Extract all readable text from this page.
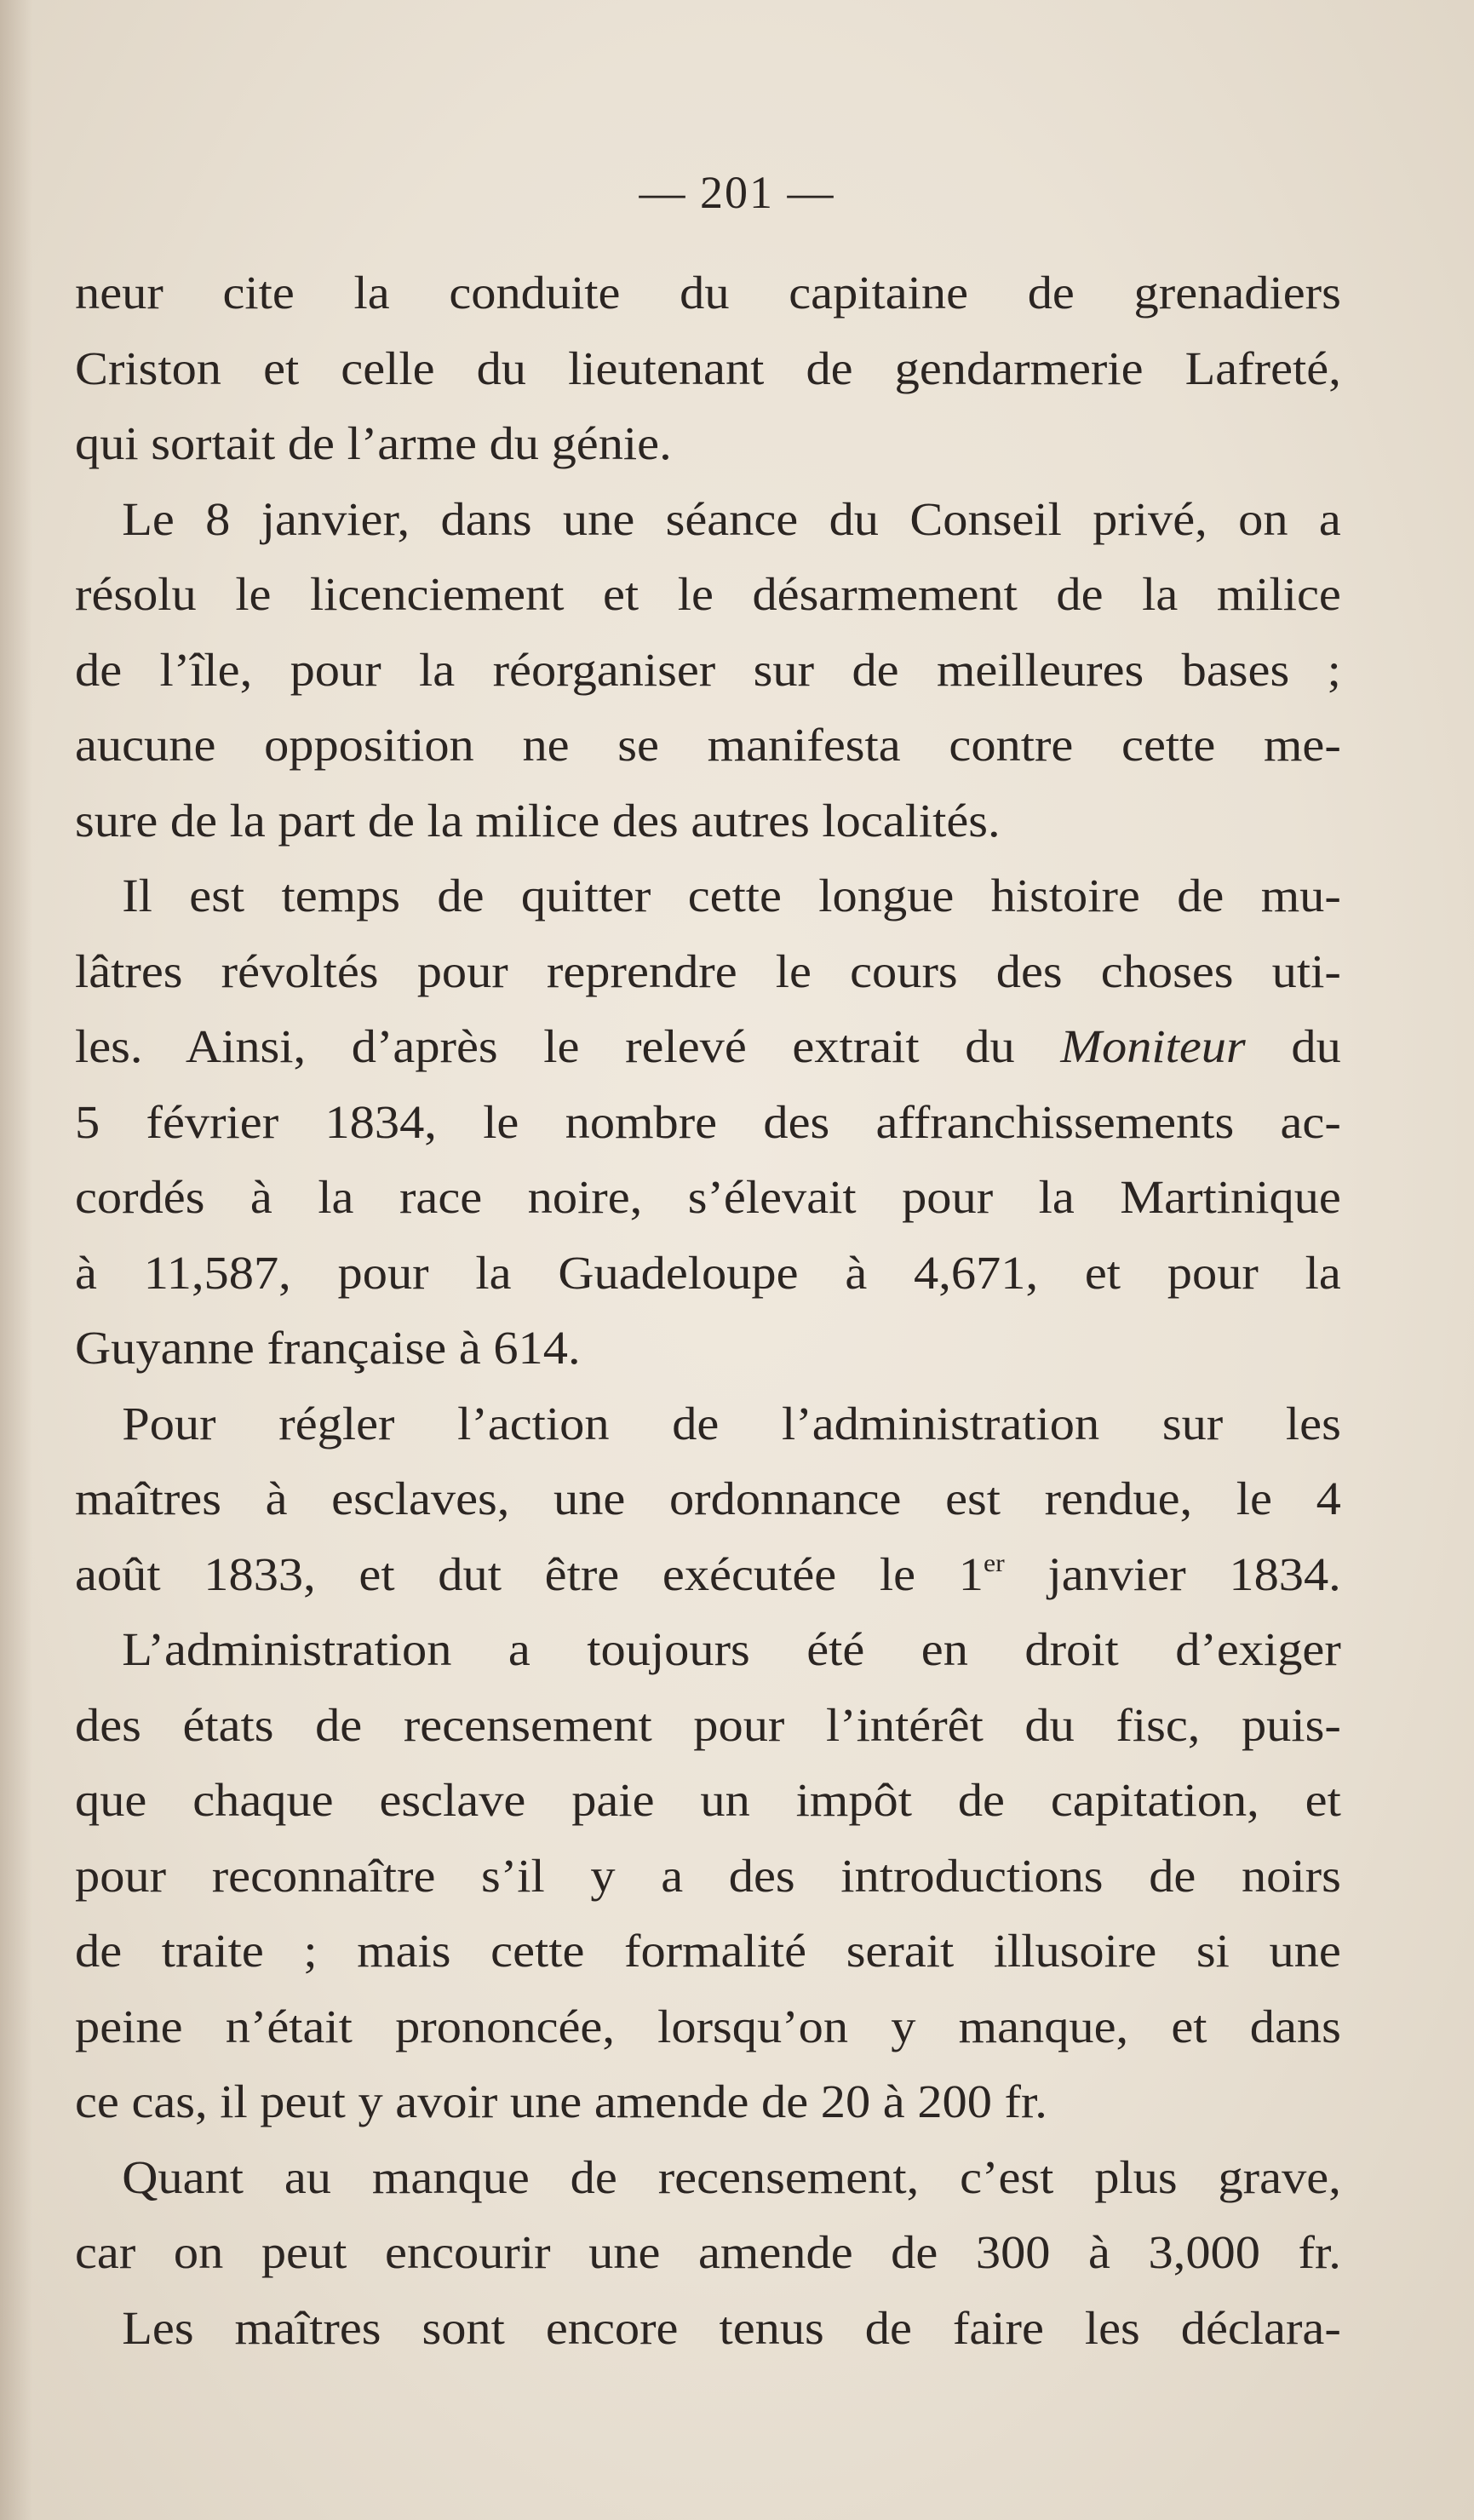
— 201 —
neur cite la conduite du capitaine de grenadiers
Criston et celle du lieutenant de gendarmerie Lafreté,
qui sortait de l’arme du génie.
Le 8 janvier, dans une séance du Conseil privé, on a
résolu le licenciement et le désarmement de la milice
de l’île, pour la réorganiser sur de meilleures bases ;
aucune opposition ne se manifesta contre cette me-
sure de la part de la milice des autres localités.
Il est temps de quitter cette longue histoire de mu-
lâtres révoltés pour reprendre le cours des choses uti-
les. Ainsi, d’après le relevé extrait du Moniteur du
5 février 1834, le nombre des affranchissements ac-
cordés à la race noire, s’élevait pour la Martinique
à 11,587, pour la Guadeloupe à 4,671, et pour la
Guyanne française à 614.
Pour régler l’action de l’administration sur les
maîtres à esclaves, une ordonnance est rendue, le 4
août 1833, et dut être exécutée le 1er janvier 1834.
L’administration a toujours été en droit d’exiger
des états de recensement pour l’intérêt du fisc, puis-
que chaque esclave paie un impôt de capitation, et
pour reconnaître s’il y a des introductions de noirs
de traite ; mais cette formalité serait illusoire si une
peine n’était prononcée, lorsqu’on y manque, et dans
ce cas, il peut y avoir une amende de 20 à 200 fr.
Quant au manque de recensement, c’est plus grave,
car on peut encourir une amende de 300 à 3,000 fr.
Les maîtres sont encore tenus de faire les déclara-
